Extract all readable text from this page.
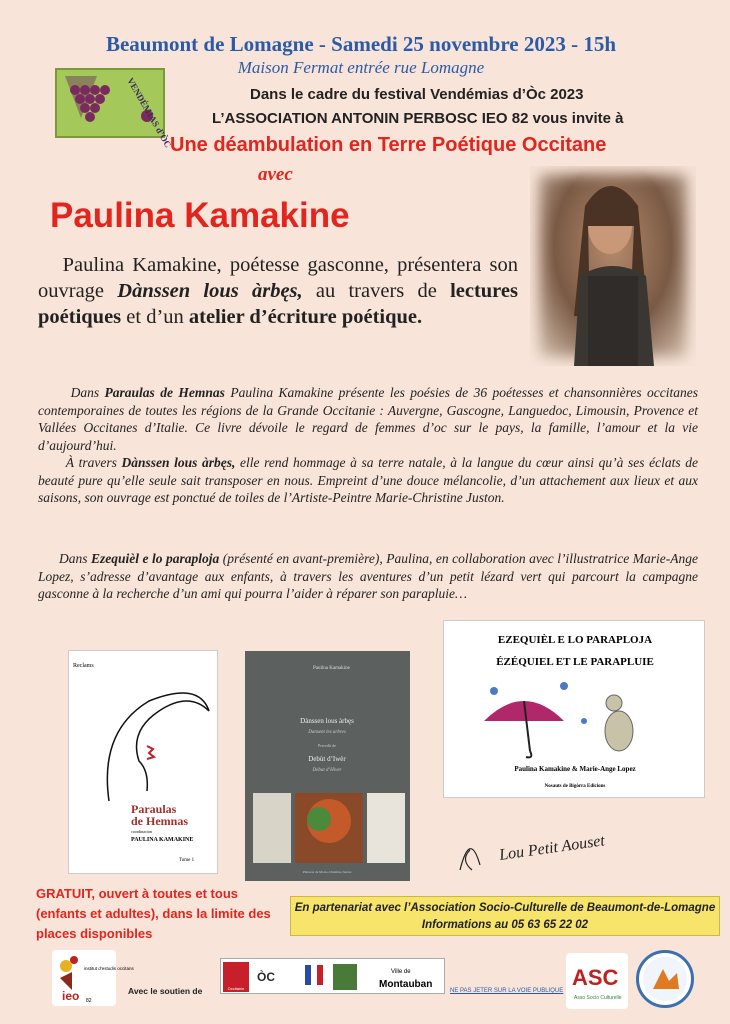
Beaumont de Lomagne - Samedi 25 novembre 2023 - 15h
Maison Fermat entrée rue Lomagne
Dans le cadre du festival Vendémias d’Òc 2023
L’ASSOCIATION ANTONIN PERBOSC IEO 82 vous invite à
Une déambulation en Terre Poétique Occitane
avec
VENDÉMIAS d’ÒC
Paulina Kamakine
Paulina Kamakine, poétesse gasconne, présentera son ouvrage Dànssen lous àrbęs, au travers de lectures poétiques et d’un atelier d’écriture poétique.
Dans Paraulas de Hemnas Paulina Kamakine présente les poésies de 36 poétesses et chansonnières occitanes contemporaines de toutes les régions de la Grande Occitanie : Auvergne, Gascogne, Languedoc, Limousin, Provence et Vallées Occitanes d’Italie. Ce livre dévoile le regard de femmes d’oc sur le pays, la famille, l’amour et la vie d’aujourd’hui.
À travers Dànssen lous àrbęs, elle rend hommage à sa terre natale, à la langue du cœur ainsi qu’à ses éclats de beauté pure qu’elle seule sait transposer en nous. Empreint d’une douce mélancolie, d’un attachement aux lieux et aux saisons, son ouvrage est ponctué de toiles de l’Artiste-Peintre Marie-Christine Juston.
Dans Ezequièl e lo paraploja (présenté en avant-première), Paulina, en collaboration avec l’illustratrice Marie-Ange Lopez, s’adresse d’avantage aux enfants, à travers les aventures d’un petit lézard vert qui parcourt la campagne gasconne à la recherche d’un ami qui pourra l’aider à réparer son parapluie…
Reclams
Paraulas
de Hemnas
coordinacion
PAULINA KAMAKINE
Tome 1
Paulina Kamakine
Dànssen lous àrbęs
Dansent les arbres
Precedit de
Debùt d’Iwèr
Début d’Hiver
Pinturas de Marie-Christine Juston
EZEQUIÈL E LO PARAPLOJA
ÉZÉQUIEL ET LE PARAPLUIE
Paulina Kamakine & Marie-Ange Lopez
Nosauts de Bigòrra Edicions
Lou Petit Aouset
GRATUIT, ouvert à toutes et tous (enfants et adultes), dans la limite des places disponibles
En partenariat avec l’Association Socio-Culturelle de Beaumont-de-Lomagne
Informations au 05 63 65 22 02
ieo
institut d’estudis occitans
82
Avec le soutien de	Occitanie
ÒC	Ville de
Montauban
NE PAS JETER SUR LA VOIE PUBLIQUE
ASC
Asso Socio Culturelle
